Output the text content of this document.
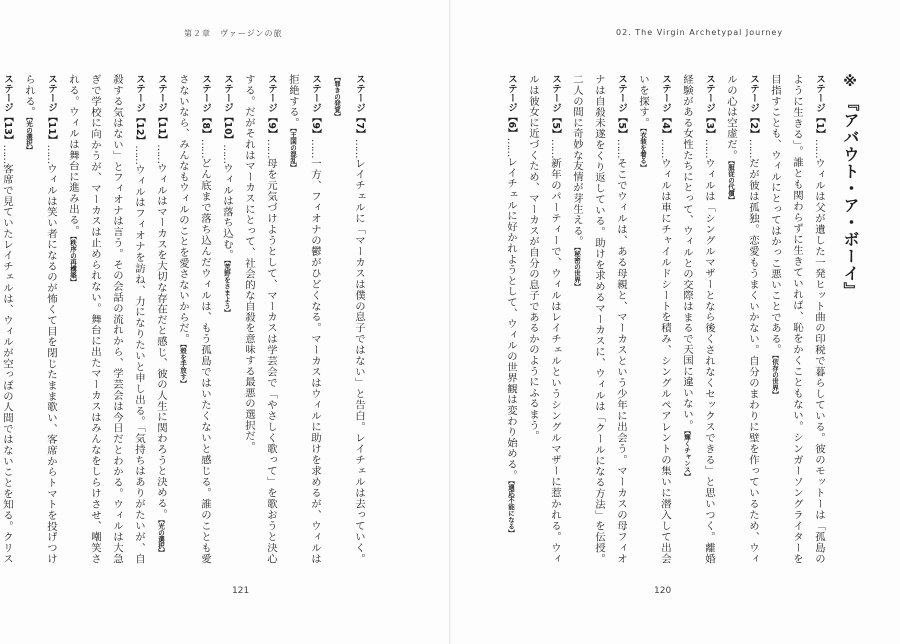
第２章　ヴァージンの旅

ステージ【7】……レイチェルに「マーカスは僕の息子ではない」と告白。レイチェルは去っていく。【罪きの発覚】

ステージ【9】……一方、フィオナの鬱がひどくなる。マーカスはウィルに助けを求めるが、ウィルは拒絶する。【王国の混乱】

ステージ【9】……母を元気づけようとして、マーカスは学芸会で「やさしく歌って」を歌おうと決心する。だがそれはマーカスにとって、社会的な自殺を意味する最悪の選択だ。

ステージ【10】……ウィルは落ち込む。【荒野をさまよう】

ステージ【8】……どん底まで落ち込んだウィルは、もう孤島ではいたくないと感じる。誰のことも愛さないなら、みんなもウィルのことを愛さないからだ。【殻を手放す】

ステージ【11】……ウィルはマーカスを大切な存在だと感じ、彼の人生に関わろうと決める。【光の選択】

ステージ【12】……ウィルはフィオナを訪ね、力になりたいと申し出る。「気持ちはありがたいが、自殺する気はない」とフィオナは言う。その会話の流れから、学芸会は今日だとわかる。ウィルは大急ぎで学校に向かうが、マーカスは止められない。舞台に出たマーカスはみんなをしらけさせ、嘲笑される。ウィルは舞台に進み出る。【秩序の再構築】

ステージ【11】……ウィルは笑い者になるのが怖くて目を閉じたまま歌い、客席からトマトを投げつけられる。【光の選択】

ステージ【13】……客席で見ていたレイチェルは、ウィルが空っぽの人間ではないことを知る。クリス

121
02. The Virgin Archetypal Journey
※『アバウト・ア・ボーイ』

ステージ【1】……ウィルは父が遺した一発ヒット曲の印税で暮らしている。彼のモットーは「孤島のように生きる」。誰とも関わらずに生きていれば、恥をかくこともない。シンガーソングライターを目指すことも、ウィルにとってはかっこ悪いことである。【依存の世界】

ステージ【2】……だが彼は孤独。恋愛もうまくいかない。自分のまわりに壁を作っているため、ウィルの心は空虚だ。【服従の代償】

ステージ【3】……ウィルは「シングルマザーとなら後くされなくセックスできる」と思いつく。離婚経験がある女性たちにとって、ウィルとの交際はまるで天国に違いない。【輝くチャンス】

ステージ【4】……ウィルは車にチャイルドシートを積み、シングルペアレントの集いに潜入して出会いを探す。【衣装を着る】

ステージ【5】……そこでウィルは、ある母親と、マーカスという少年に出会う。マーカスの母フィオナは自殺未遂をくり返している。助けを求めるマーカスに、ウィルは「クールになる方法」を伝授。二人の間に奇妙な友情が芽生える。【秘密の世界】

ステージ【5】……新年のパーティーで、ウィルはレイチェルというシングルマザーに惹かれる。ウィルは彼女に近づくため、マーカスが自分の息子であるかのようにふるまう。

ステージ【6】……レイチェルに好かれようとして、ウィルの世界観は変わり始める。【適応不能になる】

120
